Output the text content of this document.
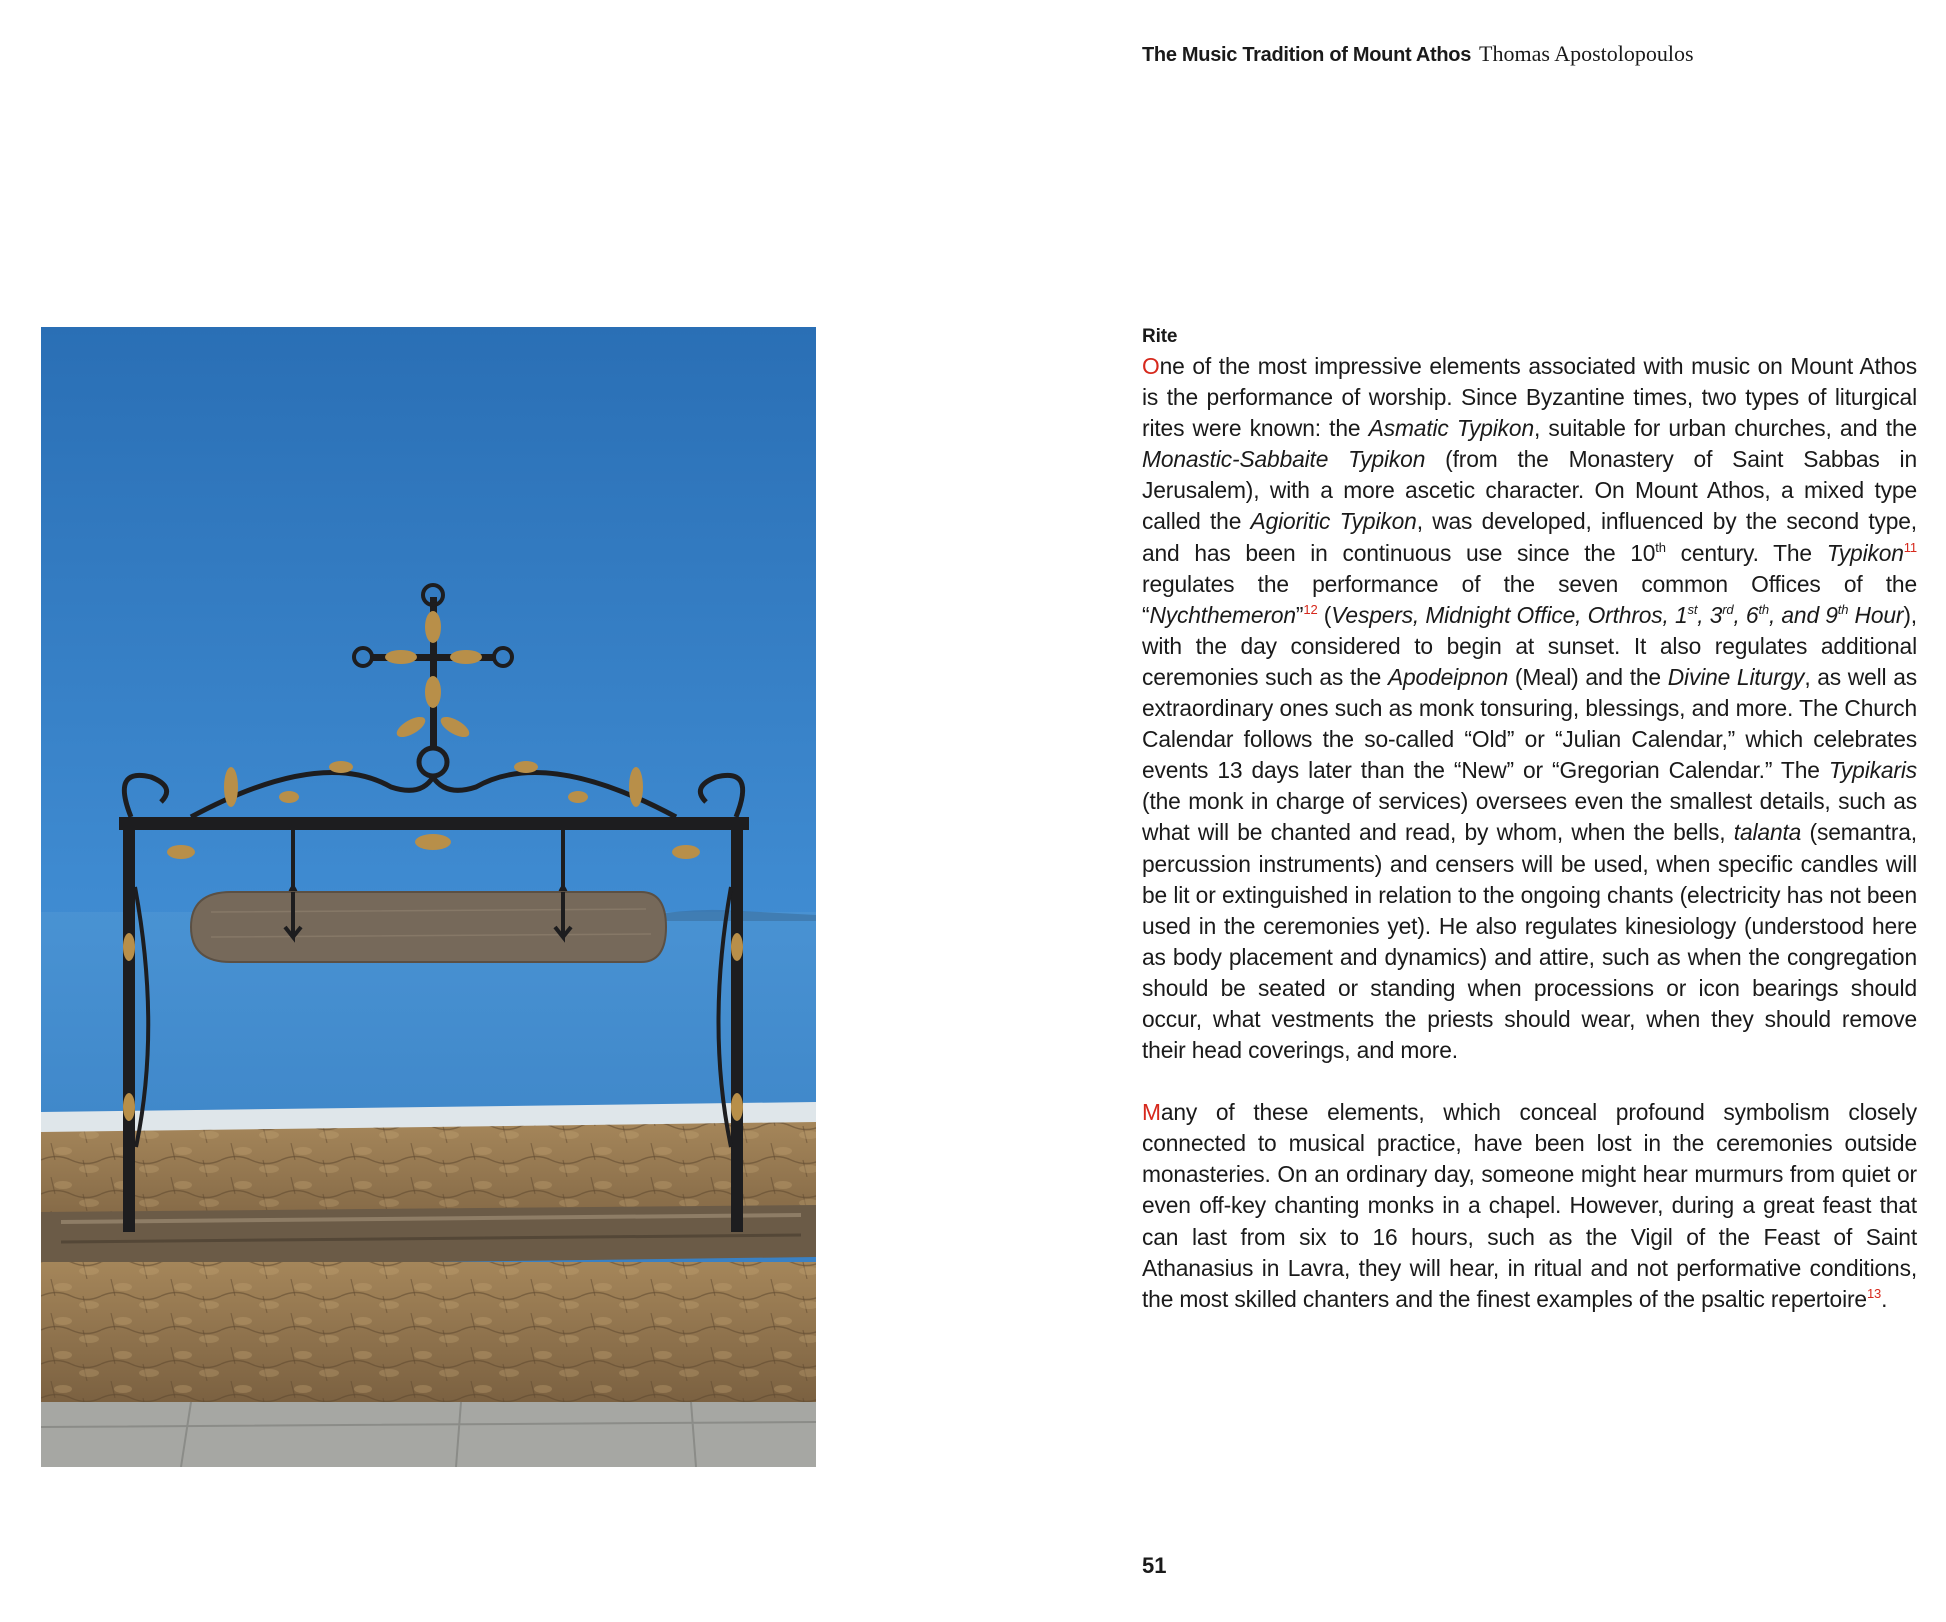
The Music Tradition of Mount Athos Thomas Apostolopoulos
Rite

One of the most impressive elements associated with music on Mount Athos is the performance of worship. Since Byzantine times, two types of liturgical rites were known: the Asmatic Typikon, suitable for urban churches, and the Monastic-Sabbaite Typikon (from the Monastery of Saint Sabbas in Jerusalem), with a more ascetic character. On Mount Athos, a mixed type called the Agioritic Typikon, was developed, influenced by the second type, and has been in continuous use since the 10th century. The Typikon$^{11}$ regulates the performance of the seven common Offices of the “Nychthemeron”$^{12}$ (Vespers, Midnight Office, Orthros, 1st, 3rd, 6th, and 9th Hour), with the day considered to begin at sunset. It also regulates additional ceremonies such as the Apodeipnon (Meal) and the Divine Liturgy, as well as extraordinary ones such as monk tonsuring, blessings, and more. The Church Calendar follows the so-called “Old” or “Julian Calendar,” which celebrates events 13 days later than the “New” or “Gregorian Calendar.” The Typikaris (the monk in charge of services) oversees even the smallest details, such as what will be chanted and read, by whom, when the bells, talanta (semantra, percussion instruments) and censers will be used, when specific candles will be lit or extinguished in relation to the ongoing chants (electricity has not been used in the ceremonies yet). He also regulates kinesiology (understood here as body placement and dynamics) and attire, such as when the congregation should be seated or standing when processions or icon bearings should occur, what vestments the priests should wear, when they should remove their head coverings, and more.

Many of these elements, which conceal profound symbolism closely connected to musical practice, have been lost in the ceremonies outside monasteries. On an ordinary day, someone might hear murmurs from quiet or even off-key chanting monks in a chapel. However, during a great feast that can last from six to 16 hours, such as the Vigil of the Feast of Saint Athanasius in Lavra, they will hear, in ritual and not performative conditions, the most skilled chanters and the finest examples of the psaltic repertoire$^{13}$.

51
